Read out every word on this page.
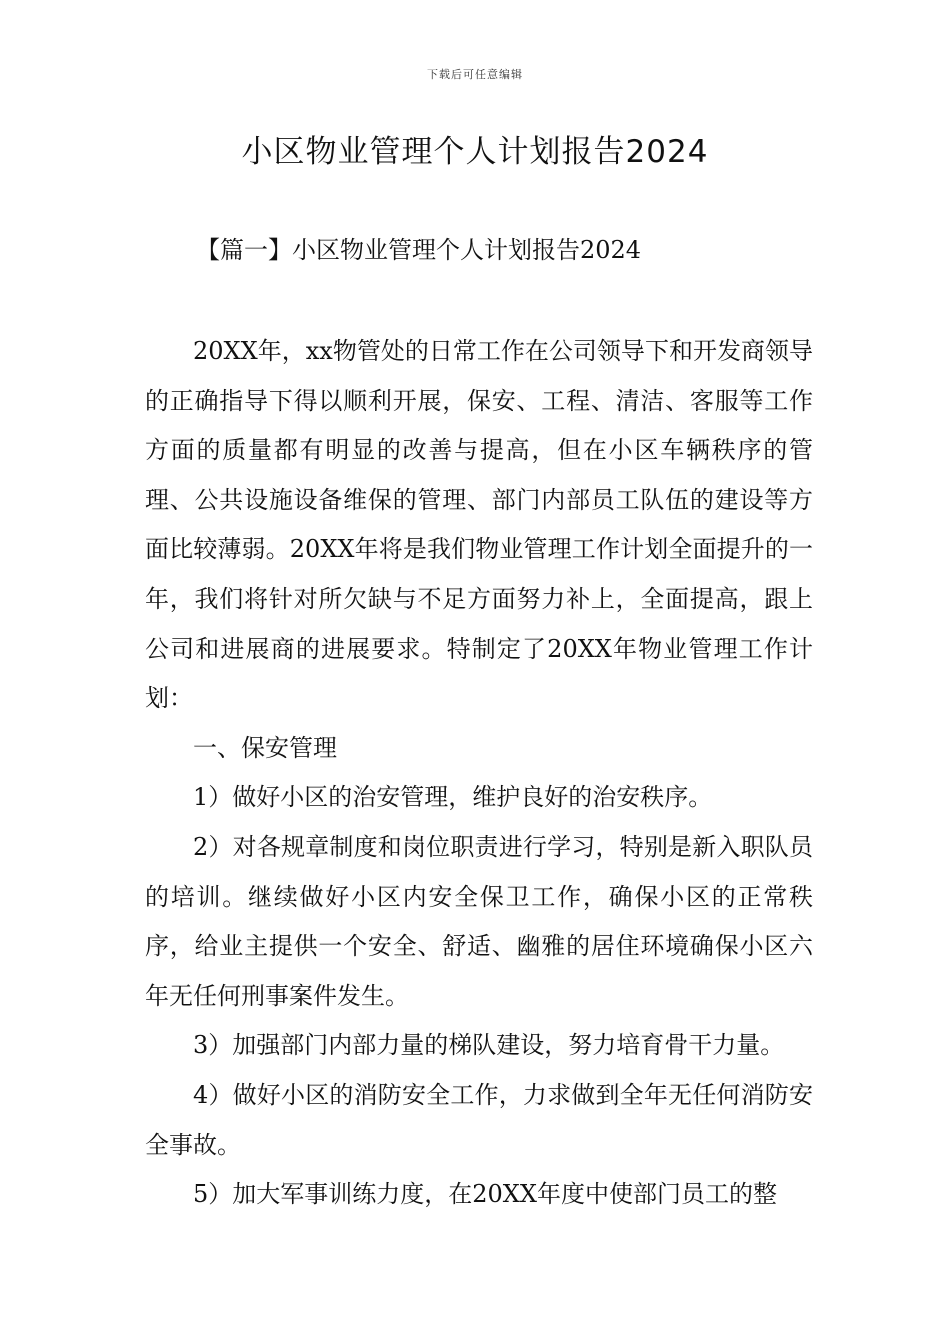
下载后可任意编辑
小区物业管理个人计划报告2024
【篇一】小区物业管理个人计划报告2024

20XX年，xx物管处的日常工作在公司领导下和开发商领导的正确指导下得以顺利开展，保安、工程、清洁、客服等工作方面的质量都有明显的改善与提高，但在小区车辆秩序的管理、公共设施设备维保的管理、部门内部员工队伍的建设等方面比较薄弱。20XX年将是我们物业管理工作计划全面提升的一年，我们将针对所欠缺与不足方面努力补上，全面提高，跟上公司和进展商的进展要求。特制定了20XX年物业管理工作计划：

一、保安管理

1）做好小区的治安管理，维护良好的治安秩序。

2）对各规章制度和岗位职责进行学习，特别是新入职队员的培训。继续做好小区内安全保卫工作，确保小区的正常秩序，给业主提供一个安全、舒适、幽雅的居住环境确保小区六年无任何刑事案件发生。

3）加强部门内部力量的梯队建设，努力培育骨干力量。

4）做好小区的消防安全工作，力求做到全年无任何消防安全事故。

5）加大军事训练力度，在20XX年度中使部门员工的整
